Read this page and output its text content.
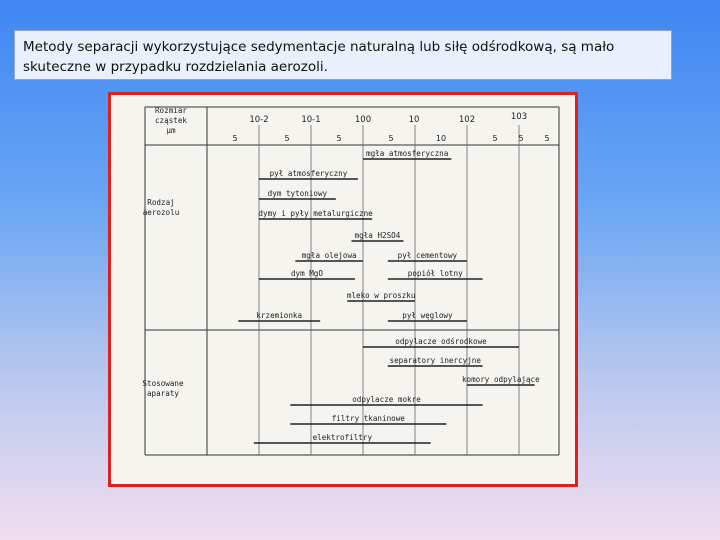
Metody separacji wykorzystujące sedymentacje naturalną lub siłę odśrodkową, są mało skuteczne w przypadku rozdzielania aerozoli.
Rozmiar
cząstek
μm
Rodzaj
aerozolu
Stosowane
aparaty
10-2	10-1	100	10	102	103
5	5	5	5	10	5	5	5
mgła atmosferyczna
pył atmosferyczny
dym tytoniowy
dymy i pyły metalurgiczne
mgła H2SO4
mgła olejowa	pył cementowy
dym MgO	popiół lotny
mleko w proszku
krzemionka	pył węglowy
odpylacze odśrodkowe
separatory inercyjne
komory odpylające
odpylacze mokre
filtry tkaninowe
elektrofiltry
